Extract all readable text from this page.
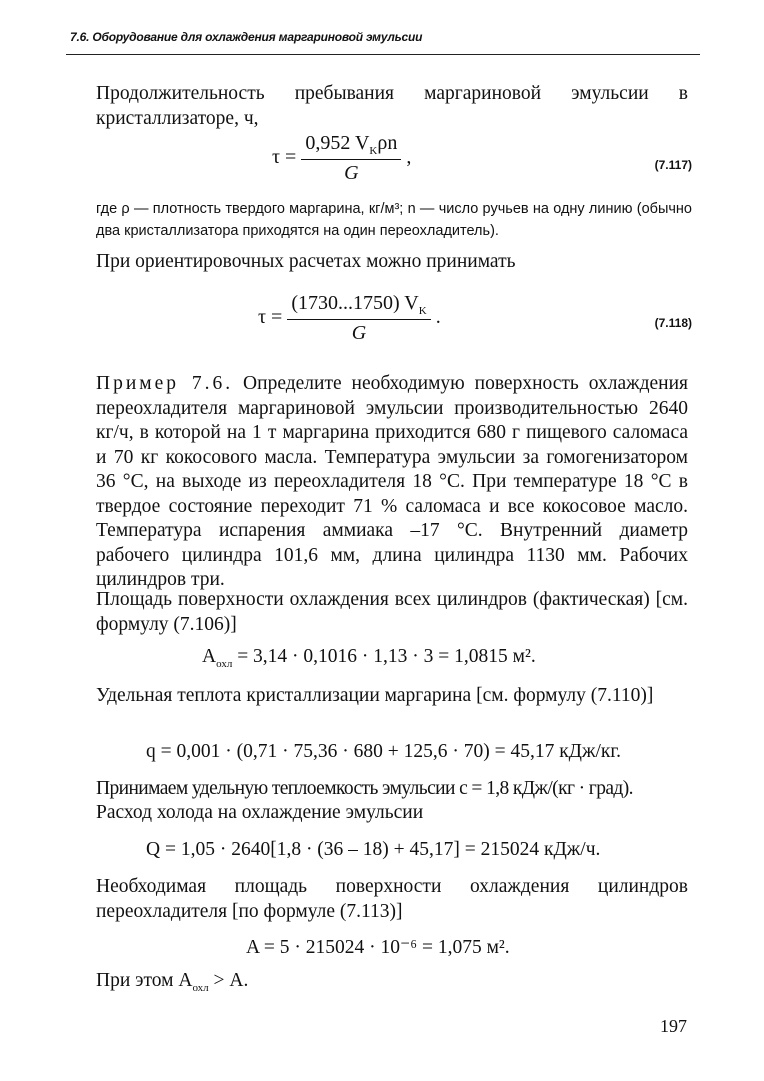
7.6. Оборудование для охлаждения маргариновой эмульсии
Продолжительность пребывания маргариновой эмульсии в кристаллизаторе, ч,
$\tau = \frac{0,952 V_K\rho n}{G}$ ,	(7.117)
где ρ — плотность твердого маргарина, кг/м³; n — число ручьев на одну линию (обычно два кристаллизатора приходятся на один переохладитель).
При ориентировочных расчетах можно принимать
$\tau = \frac{(1730...1750) V_K}{G}$ .	(7.118)
Пример 7.6. Определите необходимую поверхность охлаждения переохладителя маргариновой эмульсии производительностью 2640 кг/ч, в которой на 1 т маргарина приходится 680 г пищевого саломаса и 70 кг кокосового масла. Температура эмульсии за гомогенизатором 36 °С, на выходе из переохладителя 18 °С. При температуре 18 °С в твердое состояние переходит 71 % саломаса и все кокосовое масло. Температура испарения аммиака –17 °С. Внутренний диаметр рабочего цилиндра 101,6 мм, длина цилиндра 1130 мм. Рабочих цилиндров три.
Площадь поверхности охлаждения всех цилиндров (фактическая) [см. формулу (7.106)]
$A_{охл} = 3,14 \cdot 0,1016 \cdot 1,13 \cdot 3 = 1,0815$ м².
Удельная теплота кристаллизации маргарина [см. формулу (7.110)]
q = 0,001 · (0,71 · 75,36 · 680 + 125,6 · 70) = 45,17 кДж/кг.
Принимаем удельную теплоемкость эмульсии c = 1,8 кДж/(кг · град).
Расход холода на охлаждение эмульсии
Q = 1,05 · 2640[1,8 · (36 – 18) + 45,17] = 215024 кДж/ч.
Необходимая площадь поверхности охлаждения цилиндров переохладителя [по формуле (7.113)]
A = 5 · 215024 · 10⁻⁶ = 1,075 м².
При этом $A_{охл} > A$.
197
